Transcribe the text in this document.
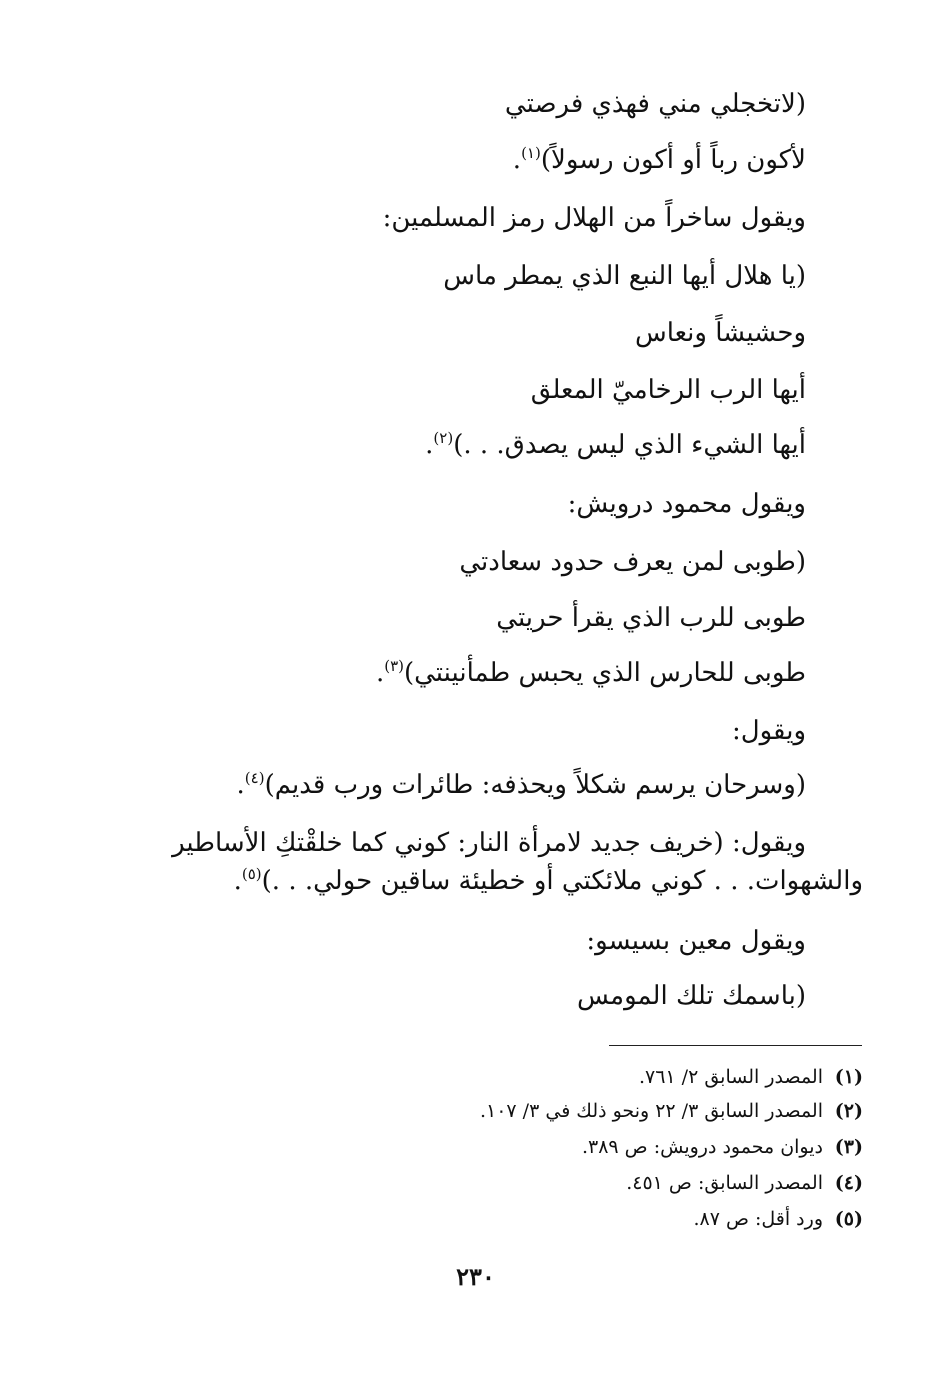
(لاتخجلي مني فهذي فرصتي
لأكون رباً أو أكون رسولاً)$^{(١)}$.
ويقول ساخراً من الهلال رمز المسلمين:
(يا هلال أيها النبع الذي يمطر ماس
وحشيشاً ونعاس
أيها الرب الرخاميّ المعلق
أيها الشيء الذي ليس يصدق. . .)$^{(٢)}$.
ويقول محمود درويش:
(طوبى لمن يعرف حدود سعادتي
طوبى للرب الذي يقرأ حريتي
طوبى للحارس الذي يحبس طمأنينتي)$^{(٣)}$.
ويقول:
(وسرحان يرسم شكلاً ويحذفه: طائرات ورب قديم)$^{(٤)}$.
ويقول: (خريف جديد لامرأة النار: كوني كما خلقْتكِ الأساطير
والشهوات. . . كوني ملائكتي أو خطيئة ساقين حولي. . .)$^{(٥)}$.
ويقول معين بسيسو:
(باسمك تلك المومس
(١)المصدر السابق ٢/ ٧٦١.
(٢)المصدر السابق ٣/ ٢٢ ونحو ذلك في ٣/ ١٠٧.
(٣)ديوان محمود درويش: ص ٣٨٩.
(٤)المصدر السابق: ص ٤٥١.
(٥)ورد أقل: ص ٨٧.
٢٣٠
